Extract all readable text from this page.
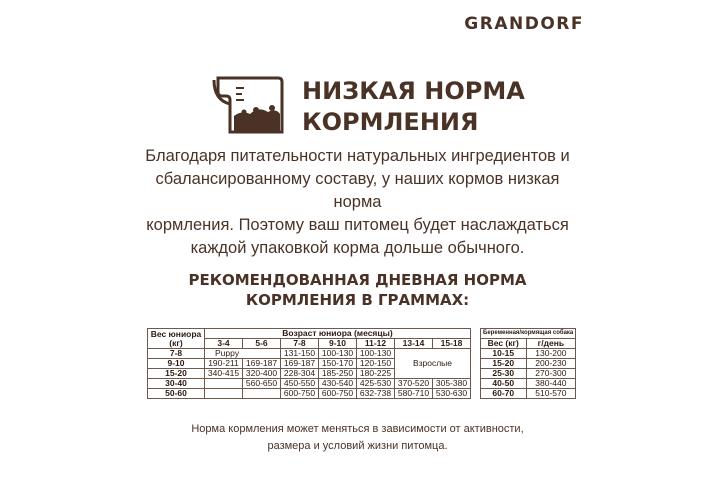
GRANDORF
НИЗКАЯ НОРМА
КОРМЛЕНИЯ
Благодаря питательности натуральных ингредиентов и
сбалансированному составу, у наших кормов низкая норма
кормления. Поэтому ваш питомец будет наслаждаться
каждой упаковкой корма дольше обычного.
РЕКОМЕНДОВАННАЯ ДНЕВНАЯ НОРМА
КОРМЛЕНИЯ В ГРАММАХ:
Вес юниора (кг)	Возраст юниора (месяцы)						
	3-4	5-6	7-8	9-10	11-12	13-14	15-18
7-8	Puppy		131-150	100-130	100-130	Взрослые	
9-10	190-211	169-187	169-187	150-170	120-150		
15-20	340-415	320-400	228-304	185-250	180-225		
30-40		560-650	450-550	430-540	425-530	370-520	305-380
50-60			600-750	600-750	632-738	580-710	530-630
Беременная/кормящая собака	
Вес (кг)	г/день
10-15	130-200
15-20	200-230
25-30	270-300
40-50	380-440
60-70	510-570
Норма кормления может меняться в зависимости от активности,
размера и условий жизни питомца.
